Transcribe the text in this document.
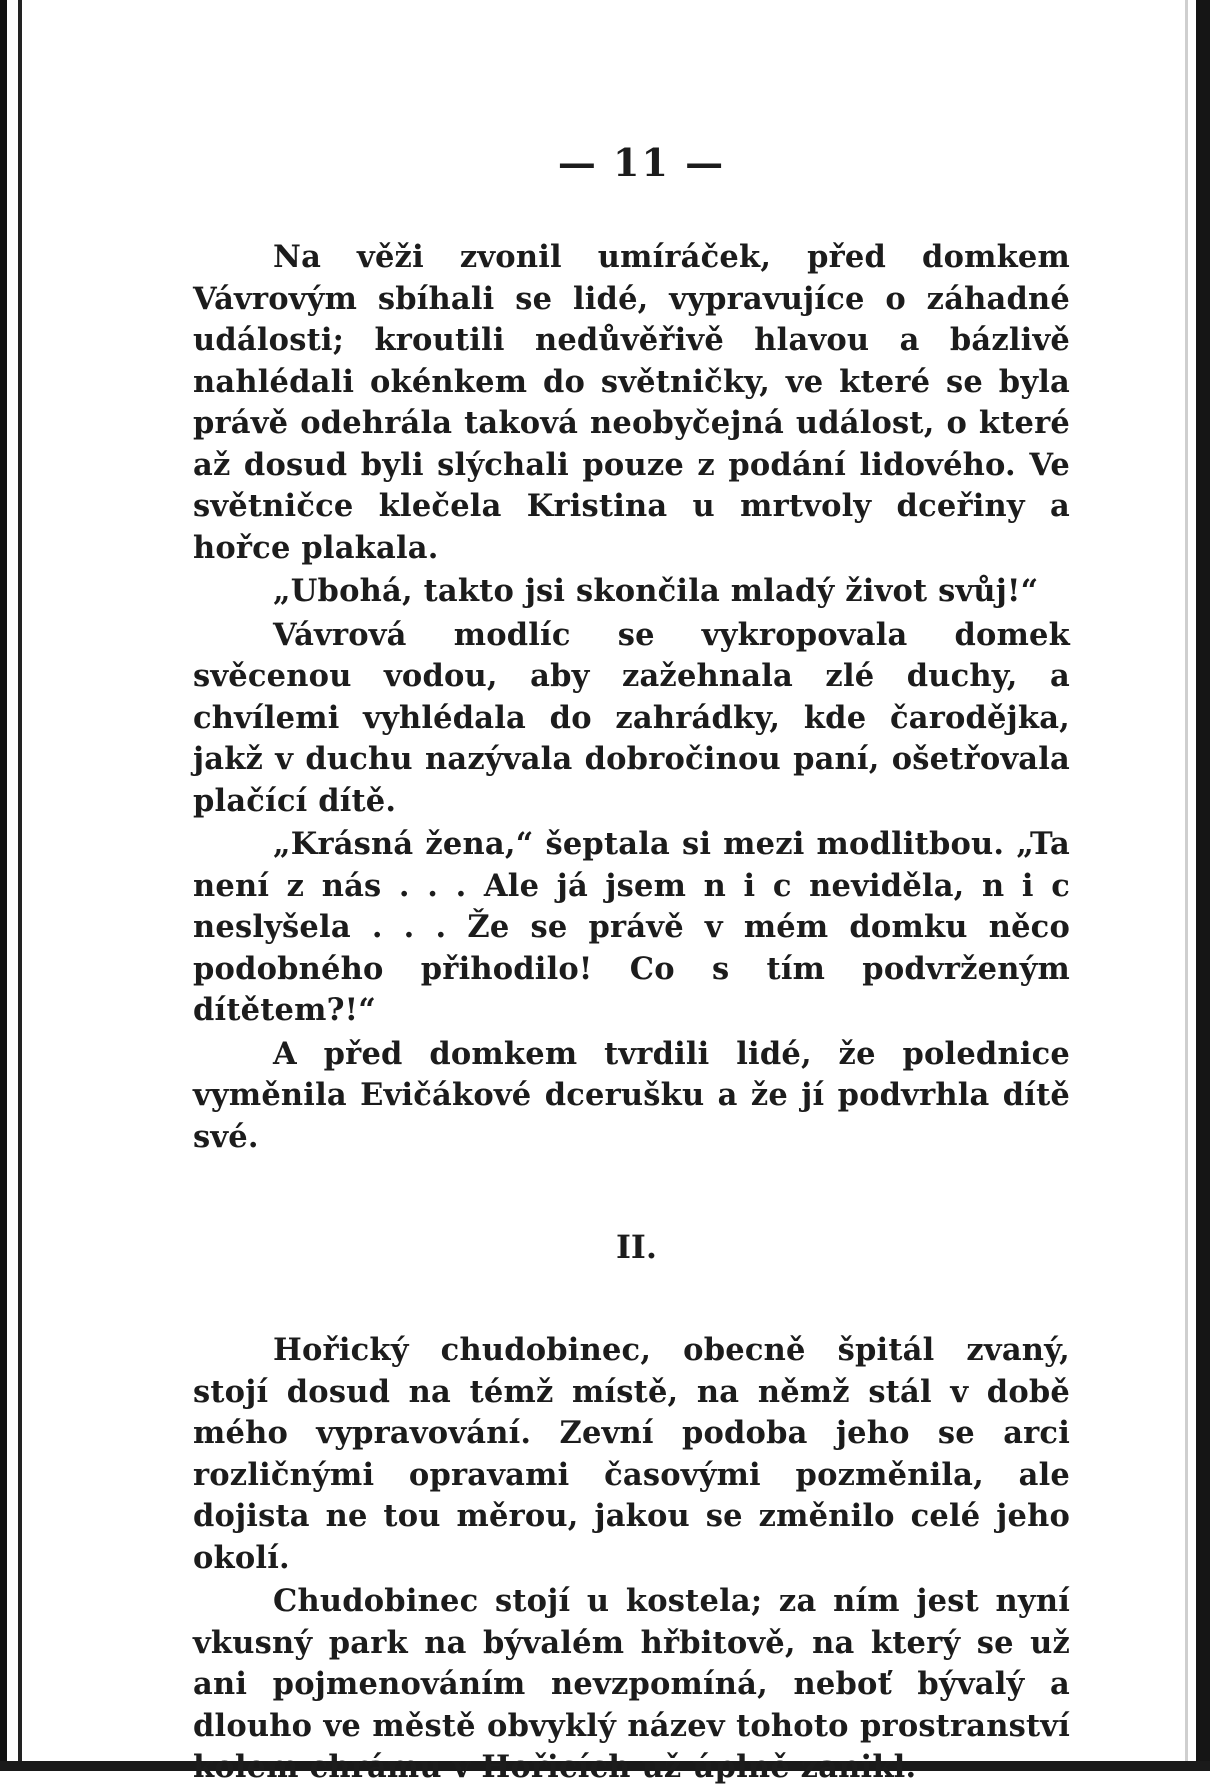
— 11 —

Na věži zvonil umíráček, před domkem Vávrovým sbíhali se lidé, vypravujíce o záhadné události; kroutili nedůvěřivě hlavou a bázlivě nahlédali okénkem do světničky, ve které se byla právě odehrála taková neobyčejná událost, o které až dosud byli slýchali pouze z podání lidového. Ve světničce klečela Kristina u mrtvoly dceřiny a hořce plakala.

„Ubohá, takto jsi skončila mladý život svůj!“

Vávrová modlíc se vykropovala domek svěcenou vodou, aby zažehnala zlé duchy, a chvílemi vyhlédala do zahrádky, kde čarodějka, jakž v duchu nazývala dobročinou paní, ošetřovala plačící dítě.

„Krásná žena,“ šeptala si mezi modlitbou. „Ta není z nás . . . Ale já jsem n i c neviděla, n i c neslyšela . . . Že se právě v mém domku něco podobného přihodilo! Co s tím podvrženým dítětem?!“

A před domkem tvrdili lidé, že polednice vyměnila Evičákové dcerušku a že jí podvrhla dítě své.

II.

Hořický chudobinec, obecně špitál zvaný, stojí dosud na témž místě, na němž stál v době mého vypravování. Zevní podoba jeho se arci rozličnými opravami časovými pozměnila, ale dojista ne tou měrou, jakou se změnilo celé jeho okolí.

Chudobinec stojí u kostela; za ním jest nyní vkusný park na bývalém hřbitově, na který se už ani pojmenováním nevzpomíná, neboť bývalý a dlouho ve městě obvyklý název tohoto prostranství kolem chrámu v Hořicích už úplně zanikl.
